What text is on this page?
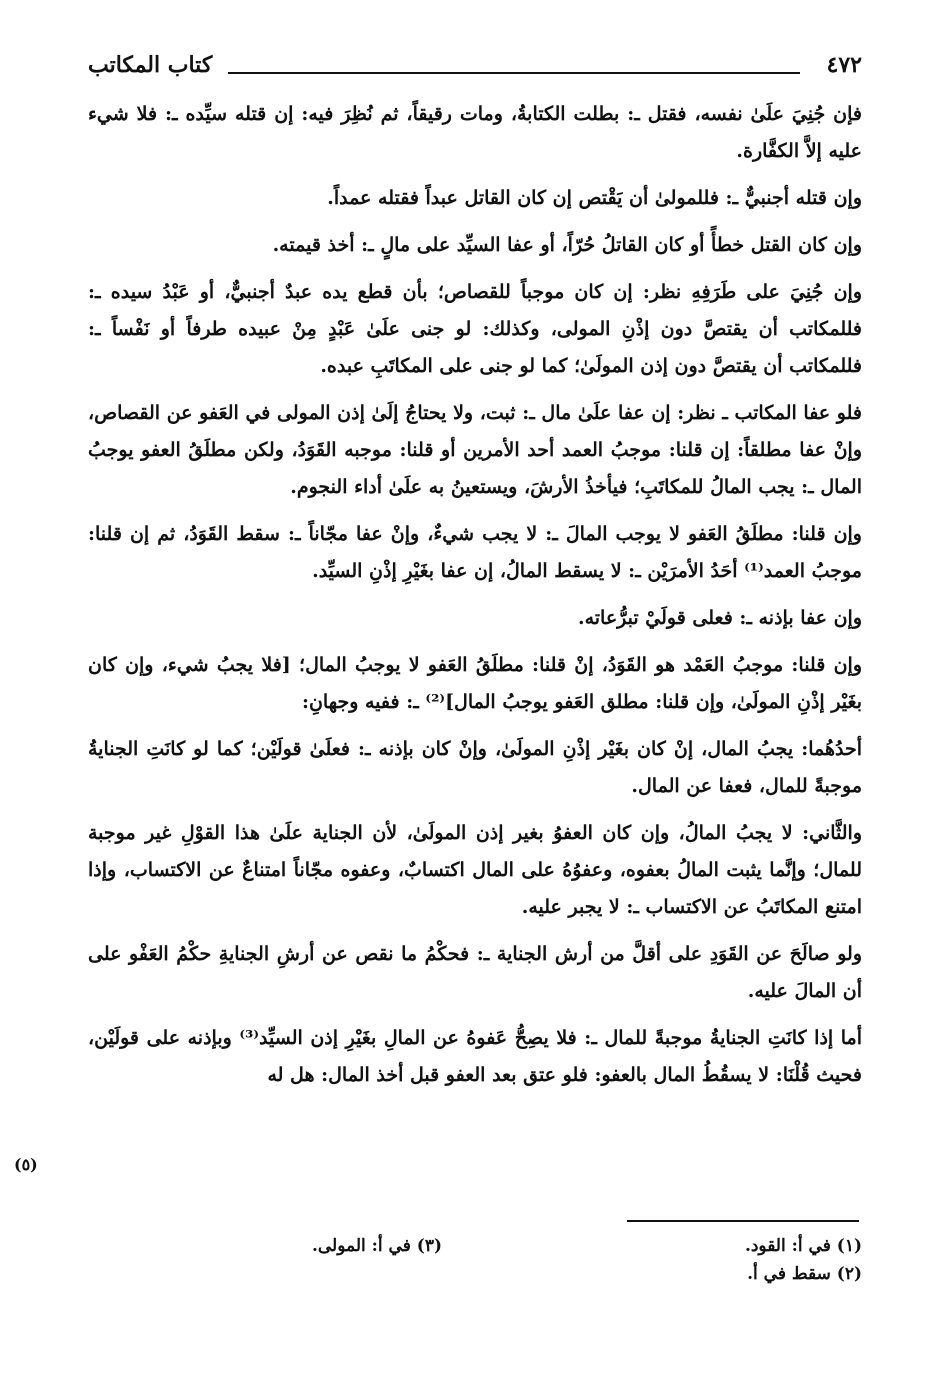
٤٧٢
كتاب المكاتب

فإن جُنِيَ علَىٰ نفسه، فقتل ـ: بطلت الكتابةُ، ومات رقيقاً، ثم نُظِرَ فيه: إن قتله سيِّده ـ: فلا شيء عليه إلاَّ الكفَّارة.

وإن قتله أجنبيٌّ ـ: فللمولىٰ أن يَقْتص إن كان القاتل عبداً فقتله عمداً.

وإن كان القتل خطأً أو كان القاتلُ حُرّاً، أو عفا السيِّد على مالٍ ـ: أخذ قيمته.

وإن جُنِيَ على طَرَفِهِ نظر: إن كان موجباً للقصاص؛ بأن قطع يده عبدٌ أجنبيٌّ، أو عَبْدُ سيده ـ: فللمكاتب أن يقتصَّ دون إذْنِ المولى، وكذلك: لو جنى علَىٰ عَبْدٍ مِنْ عبيده طرفاً أو نَفْساً ـ: فللمكاتب أن يقتصَّ دون إذن المولَىٰ؛ كما لو جنى على المكاتَبِ عبده.

فلو عفا المكاتب ـ نظر: إن عفا علَىٰ مال ـ: ثبت، ولا يحتاجُ إلَىٰ إذن المولى في العَفو عن القصاص، وإنْ عفا مطلقاً: إن قلنا: موجبُ العمد أحد الأمرين أو قلنا: موجبه القَوَدُ، ولكن مطلَقُ العفو يوجبُ المال ـ: يجب المالُ للمكاتَبِ؛ فيأخذُ الأرشَ، ويستعينُ به علَىٰ أداء النجوم.

وإن قلنا: مطلَقُ العَفو لا يوجب المالَ ـ: لا يجب شيءٌ، وإنْ عفا مجّاناً ـ: سقط القَوَدُ، ثم إن قلنا: موجبُ العمد⁽¹⁾ أحَدُ الأمرَيْن ـ: لا يسقط المالُ، إن عفا بغَيْرِ إذْنِ السيِّد.

وإن عفا بإذنه ـ: فعلى قولَيْ تبرُّعاته.

وإن قلنا: موجبُ العَمْد هو القَوَدُ، إنْ قلنا: مطلَقُ العَفو لا يوجبُ المال؛ [فلا يجبُ شيء، وإن كان بغَيْر إذْنِ المولَىٰ، وإن قلنا: مطلق العَفو يوجبُ المال]⁽²⁾ ـ: ففيه وجهانِ:

أحدُهُما: يجبُ المال، إنْ كان بغَيْر إذْنِ المولَىٰ، وإنْ كان بإذنه ـ: فعلَىٰ قولَيْن؛ كما لو كانَتِ الجنايةُ موجبةً للمال، فعفا عن المال.

والثَّاني: لا يجبُ المالُ، وإن كان العفوُ بغير إذن المولَىٰ، لأن الجناية علَىٰ هذا القوْلِ غير موجبة للمال؛ وإنَّما يثبت المالُ بعفوه، وعفوُهُ على المال اكتسابٌ، وعفوه مجّاناً امتناعٌ عن الاكتساب، وإذا امتنع المكاتَبُ عن الاكتساب ـ: لا يجبر عليه.

ولو صالَحَ عن القَوَدِ على أقلَّ من أرش الجناية ـ: فحكْمُ ما نقص عن أرشِ الجنايةِ حكْمُ العَفْو على أن المالَ عليه.

أما إذا كانَتِ الجنايةُ موجبةً للمال ـ: فلا يصِحُّ عَفوهُ عن المالِ بغَيْرِ إذن السيِّد⁽³⁾ وبإذنه على قولَيْن، فحيث قُلْنَا: لا يسقُطُ المال بالعفو: فلو عتق بعد العفو قبل أخذ المال: هل له

(٥)
(١) في أ: القود.
(٣) في أ: المولى.
(٢) سقط في أ.
